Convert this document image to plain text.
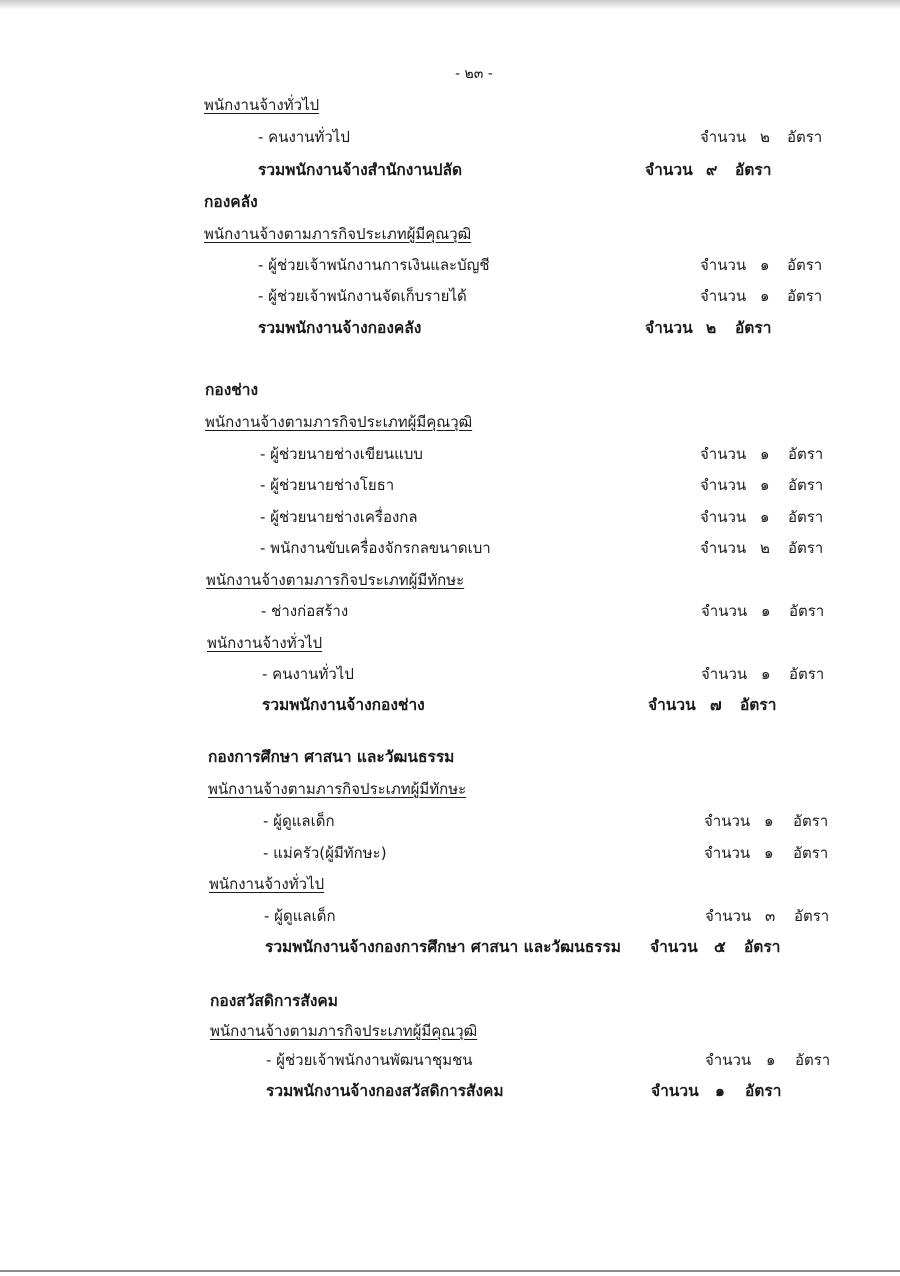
- ๒๓ -
พนักงานจ้างทั่วไป
- คนงานทั่วไป	จำนวน ๒ อัตรา
รวมพนักงานจ้างสำนักงานปลัด	จำนวน ๙ อัตรา
กองคลัง
พนักงานจ้างตามภารกิจประเภทผู้มีคุณวุฒิ
- ผู้ช่วยเจ้าพนักงานการเงินและบัญชี	จำนวน ๑ อัตรา
- ผู้ช่วยเจ้าพนักงานจัดเก็บรายได้	จำนวน ๑ อัตรา
รวมพนักงานจ้างกองคลัง	จำนวน ๒ อัตรา
กองช่าง
พนักงานจ้างตามภารกิจประเภทผู้มีคุณวุฒิ
- ผู้ช่วยนายช่างเขียนแบบ	จำนวน ๑ อัตรา
- ผู้ช่วยนายช่างโยธา	จำนวน ๑ อัตรา
- ผู้ช่วยนายช่างเครื่องกล	จำนวน ๑ อัตรา
- พนักงานขับเครื่องจักรกลขนาดเบา	จำนวน ๒ อัตรา
พนักงานจ้างตามภารกิจประเภทผู้มีทักษะ
- ช่างก่อสร้าง	จำนวน ๑ อัตรา
พนักงานจ้างทั่วไป
- คนงานทั่วไป	จำนวน ๑ อัตรา
รวมพนักงานจ้างกองช่าง	จำนวน ๗ อัตรา
กองการศึกษา ศาสนา และวัฒนธรรม
พนักงานจ้างตามภารกิจประเภทผู้มีทักษะ
- ผู้ดูแลเด็ก	จำนวน ๑ อัตรา
- แม่ครัว(ผู้มีทักษะ)	จำนวน ๑ อัตรา
พนักงานจ้างทั่วไป
- ผู้ดูแลเด็ก	จำนวน ๓ อัตรา
รวมพนักงานจ้างกองการศึกษา ศาสนา และวัฒนธรรม จำนวน ๕ อัตรา
กองสวัสดิการสังคม
พนักงานจ้างตามภารกิจประเภทผู้มีคุณวุฒิ
- ผู้ช่วยเจ้าพนักงานพัฒนาชุมชน	จำนวน ๑ อัตรา
รวมพนักงานจ้างกองสวัสดิการสังคม	จำนวน ๑ อัตรา
